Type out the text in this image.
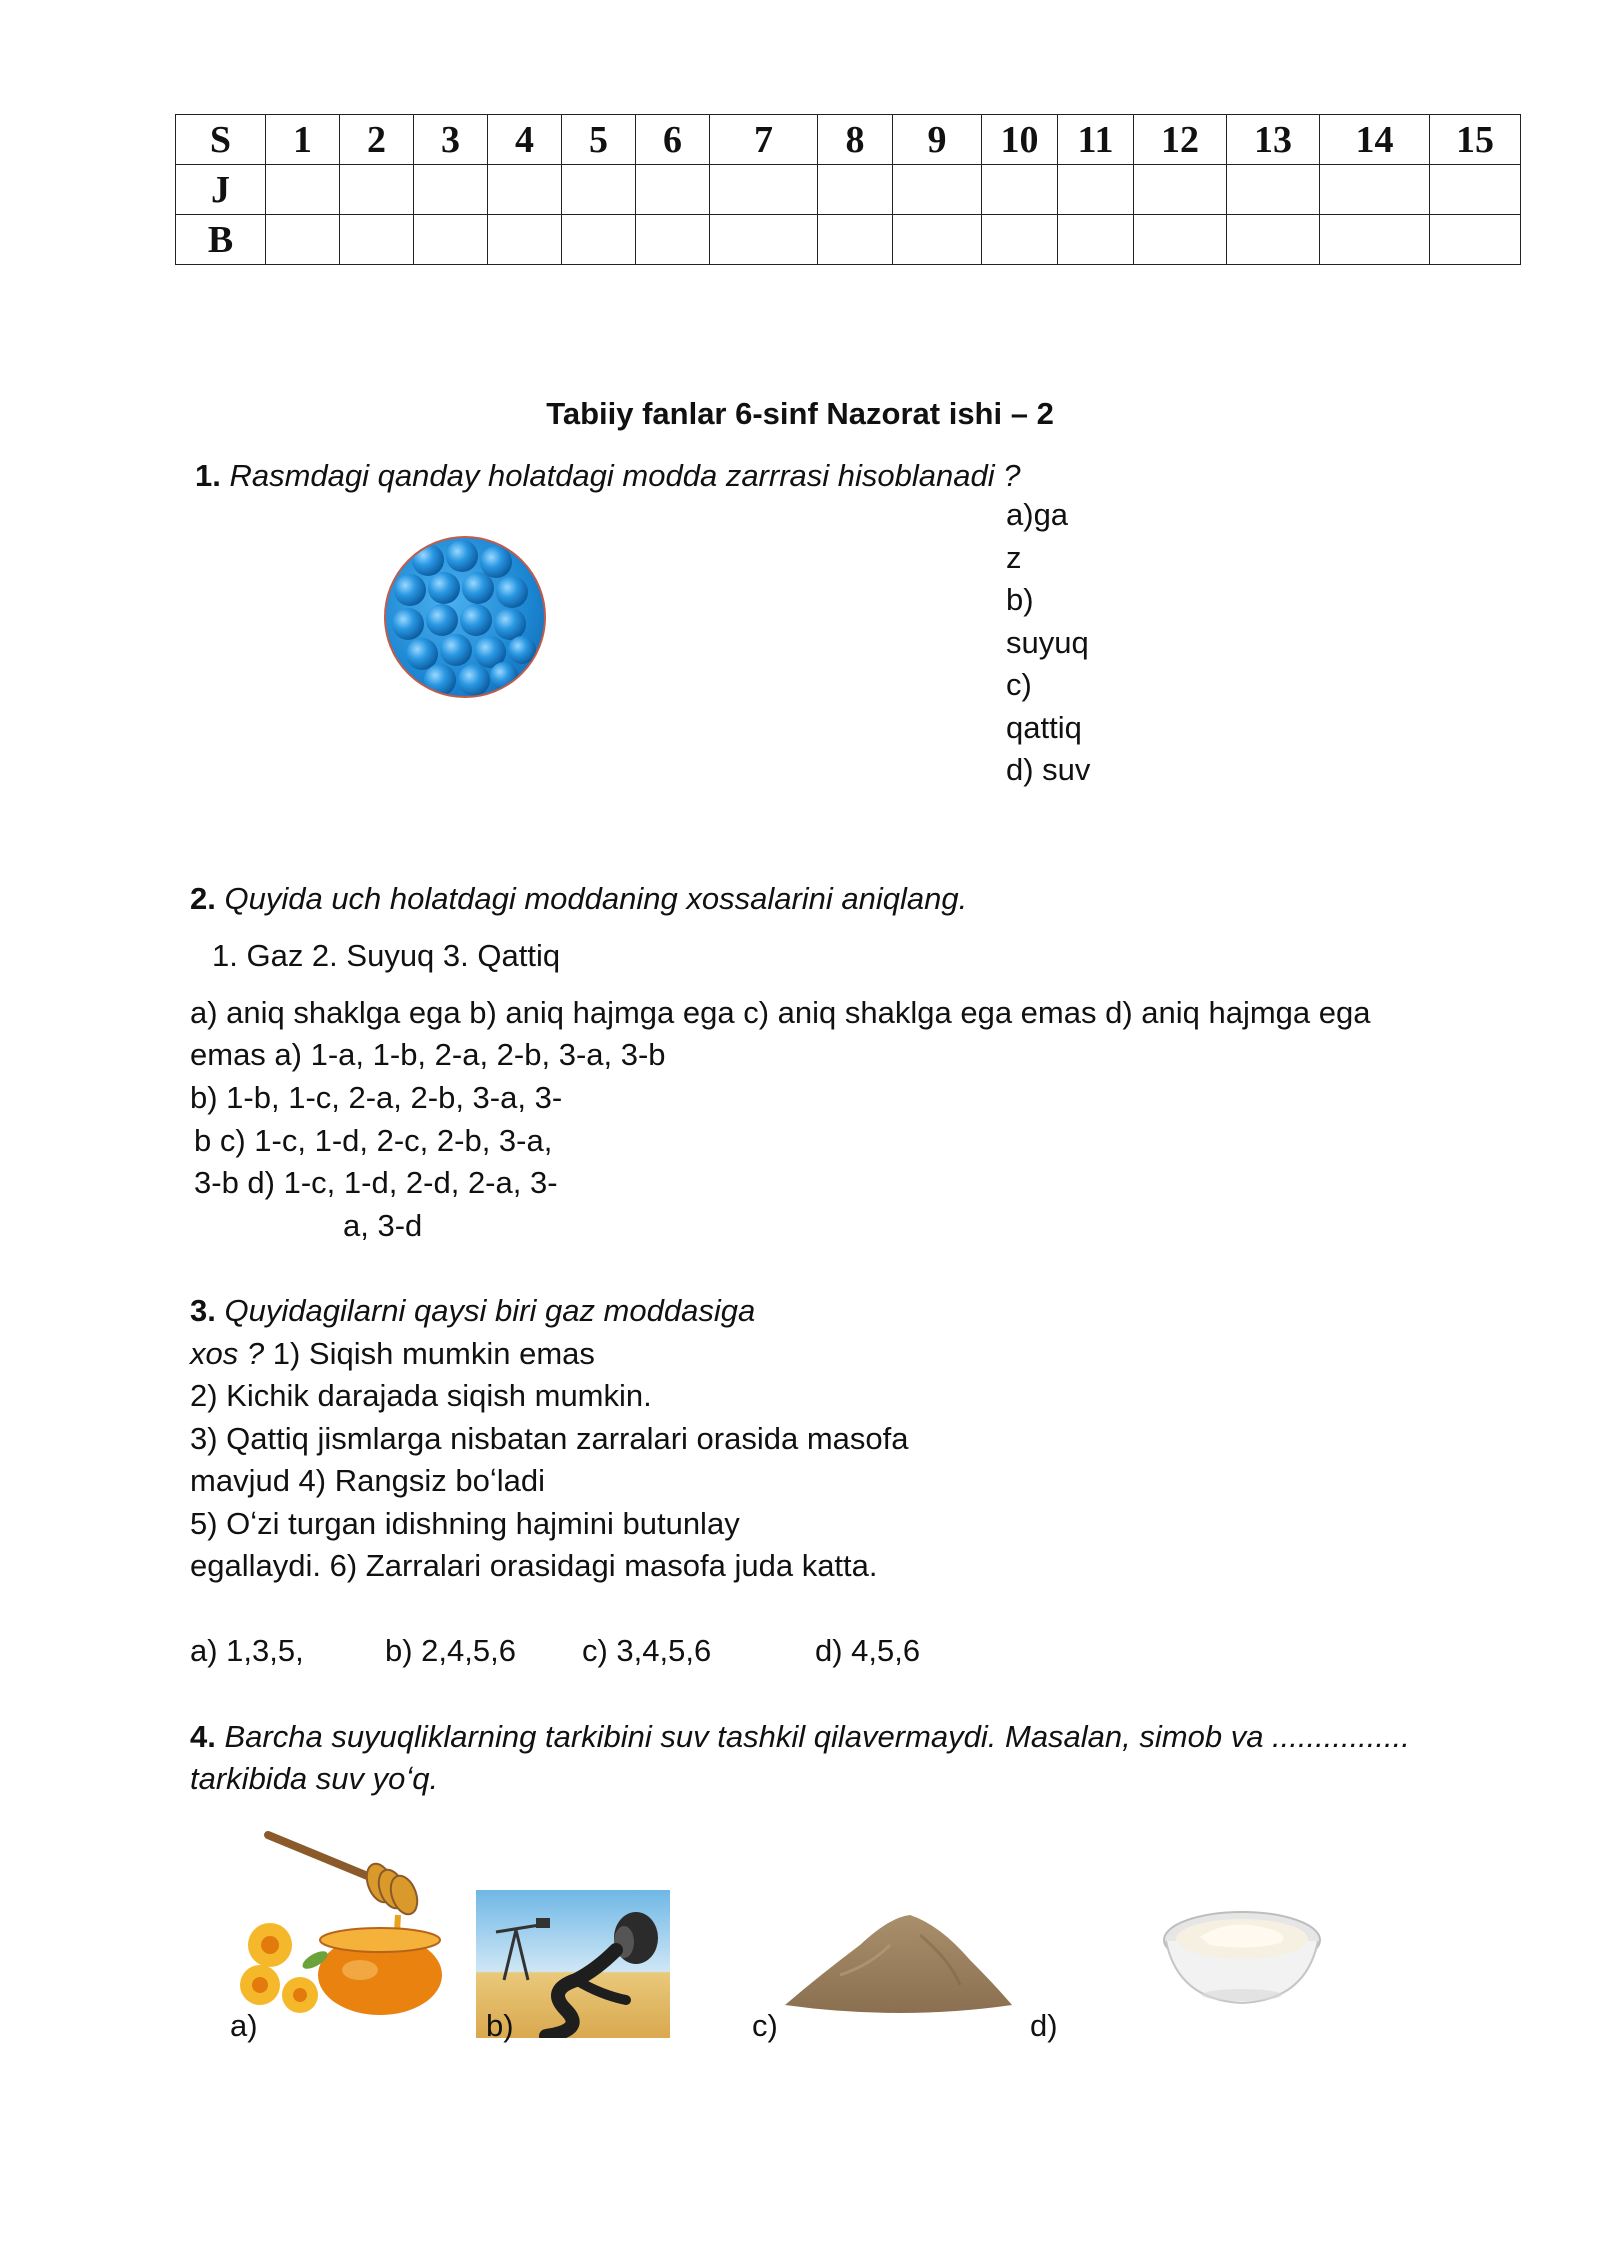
S	1	2	3	4	5	6	7	8	9	10	11	12	13	14	15
J															
B															
Tabiiy fanlar 6-sinf Nazorat ishi – 2
1. Rasmdagi qanday holatdagi modda zarrrasi hisoblanadi ?
a)ga
z
b)
suyuq
c)
qattiq
d) suv
2. Quyida uch holatdagi moddaning xossalarini aniqlang.
1. Gaz 2. Suyuq 3. Qattiq
a) aniq shaklga ega b) aniq hajmga ega c) aniq shaklga ega emas d) aniq hajmga ega
emas a) 1-a, 1-b, 2-a, 2-b, 3-a, 3-b
b) 1-b, 1-c, 2-a, 2-b, 3-a, 3-
b c) 1-c, 1-d, 2-c, 2-b, 3-a,
3-b d) 1-c, 1-d, 2-d, 2-a, 3-
a, 3-d
3. Quyidagilarni qaysi biri gaz moddasiga
xos ? 1) Siqish mumkin emas
2) Kichik darajada siqish mumkin.
3) Qattiq jismlarga nisbatan zarralari orasida masofa
mavjud 4) Rangsiz boʻladi
5) Oʻzi turgan idishning hajmini butunlay
egallaydi. 6) Zarralari orasidagi masofa juda katta.
a) 1,3,5,	b) 2,4,5,6 c) 3,4,5,6	d) 4,5,6
4. Barcha suyuqliklarning tarkibini suv tashkil qilavermaydi. Masalan, simob va ................
tarkibida suv yoʻq.
a)	b)	c)	d)
